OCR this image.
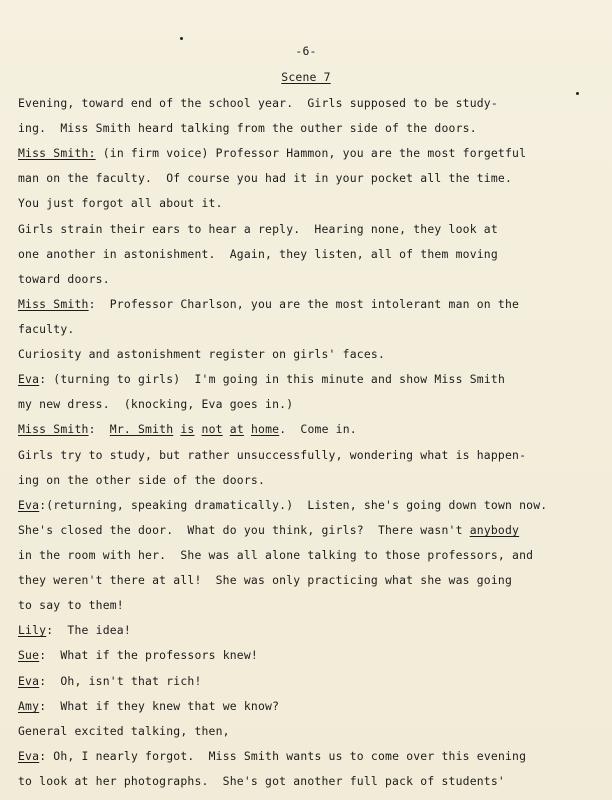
-6-
Scene 7
Evening, toward end of the school year.  Girls supposed to be study-
ing.  Miss Smith heard talking from the outher side of the doors.
Miss Smith: (in firm voice) Professor Hammon, you are the most forgetful
man on the faculty.  Of course you had it in your pocket all the time.
You just forgot all about it.
Girls strain their ears to hear a reply.  Hearing none, they look at
one another in astonishment.  Again, they listen, all of them moving
toward doors.
Miss Smith:  Professor Charlson, you are the most intolerant man on the
faculty.
Curiosity and astonishment register on girls' faces.
Eva: (turning to girls)  I'm going in this minute and show Miss Smith
my new dress.  (knocking, Eva goes in.)
Miss Smith:  Mr. Smith is not at home.  Come in.
Girls try to study, but rather unsuccessfully, wondering what is happen-
ing on the other side of the doors.
Eva:(returning, speaking dramatically.)  Listen, she's going down town now.
She's closed the door.  What do you think, girls?  There wasn't anybody
in the room with her.  She was all alone talking to those professors, and
they weren't there at all!  She was only practicing what she was going
to say to them!
Lily:  The idea!
Sue:  What if the professors knew!
Eva:  Oh, isn't that rich!
Amy:  What if they knew that we know?
General excited talking, then,
Eva: Oh, I nearly forgot.  Miss Smith wants us to come over this evening
to look at her photographs.  She's got another full pack of students'
